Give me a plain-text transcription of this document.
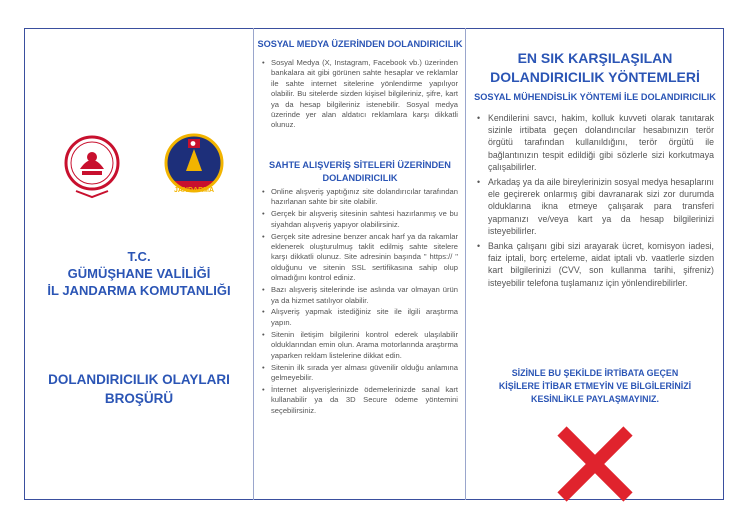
JANDARMA
T.C.
GÜMÜŞHANE VALİLİĞİ
İL JANDARMA KOMUTANLIĞI
DOLANDIRICILIK OLAYLARI
BROŞÜRÜ
SOSYAL MEDYA ÜZERİNDEN DOLANDIRICILIK
• Sosyal Medya (X, Instagram, Facebook vb.) üzerinden bankalara ait gibi görünen sahte hesaplar ve reklamlar ile sahte internet sitelerine yönlendirme yapılıyor olabilir. Bu sitelerde sizden kişisel bilgileriniz, şifre, kart ya da hesap bilgileriniz istenebilir. Sosyal medya üzerinde yer alan aldatıcı reklamlara karşı dikkatli olunuz.
SAHTE ALIŞVERİŞ SİTELERİ ÜZERİNDEN DOLANDIRICILIK
• Online alışveriş yaptığınız site dolandırıcılar tarafından hazırlanan sahte bir site olabilir.
• Gerçek bir alışveriş sitesinin sahtesi hazırlanmış ve bu siyahdan alışveriş yapıyor olabilirsiniz.
• Gerçek site adresine benzer ancak harf ya da rakamlar eklenerek oluşturulmuş taklit edilmiş sahte sitelere karşı dikkatli olunuz. Site adresinin başında " https:// " olduğunu ve sitenin SSL sertifikasına sahip olup olmadığını kontrol ediniz.
• Bazı alışveriş sitelerinde ise aslında var olmayan ürün ya da hizmet satılıyor olabilir.
• Alışveriş yapmak istediğiniz site ile ilgili araştırma yapın.
• Sitenin iletişim bilgilerini kontrol ederek ulaşılabilir olduklarından emin olun. Arama motorlarında araştırma yaparken reklam listelerine dikkat edin.
• Sitenin ilk sırada yer alması güvenilir olduğu anlamına gelmeyebilir.
• İnternet alışverişlerinizde ödemelerinizde sanal kart kullanabilir ya da 3D Secure ödeme yöntemini seçebilirsiniz.
EN SIK KARŞILAŞILAN
DOLANDIRICILIK YÖNTEMLERİ
SOSYAL MÜHENDİSLİK YÖNTEMİ İLE DOLANDIRICILIK
• Kendilerini savcı, hakim, kolluk kuvveti olarak tanıtarak sizinle irtibata geçen dolandırıcılar hesabınızın terör örgütü tarafından kullanıldığını, terör örgütü ile bağlantınızın tespit edildiği gibi sözlerle sizi korkutmaya çalışabilirler.
• Arkadaş ya da aile bireylerinizin sosyal medya hesaplarını ele geçirerek onlarmış gibi davranarak sizi zor durumda olduklarına ikna etmeye çalışarak para transferi yapmanızı ve/veya kart ya da hesap bilgilerinizi isteyebilirler.
• Banka çalışanı gibi sizi arayarak ücret, komisyon iadesi, faiz iptali, borç erteleme, aidat iptali vb. vaatlerle sizden kart bilgilerinizi (CVV, son kullanma tarihi, şifreniz) isteyebilir telefona tuşlamanız için yönlendirebilirler.
SİZİNLE BU ŞEKİLDE İRTİBATA GEÇEN
KİŞİLERE İTİBAR ETMEYİN VE BİLGİLERİNİZİ
KESİNLİKLE PAYLAŞMAYINIZ.
